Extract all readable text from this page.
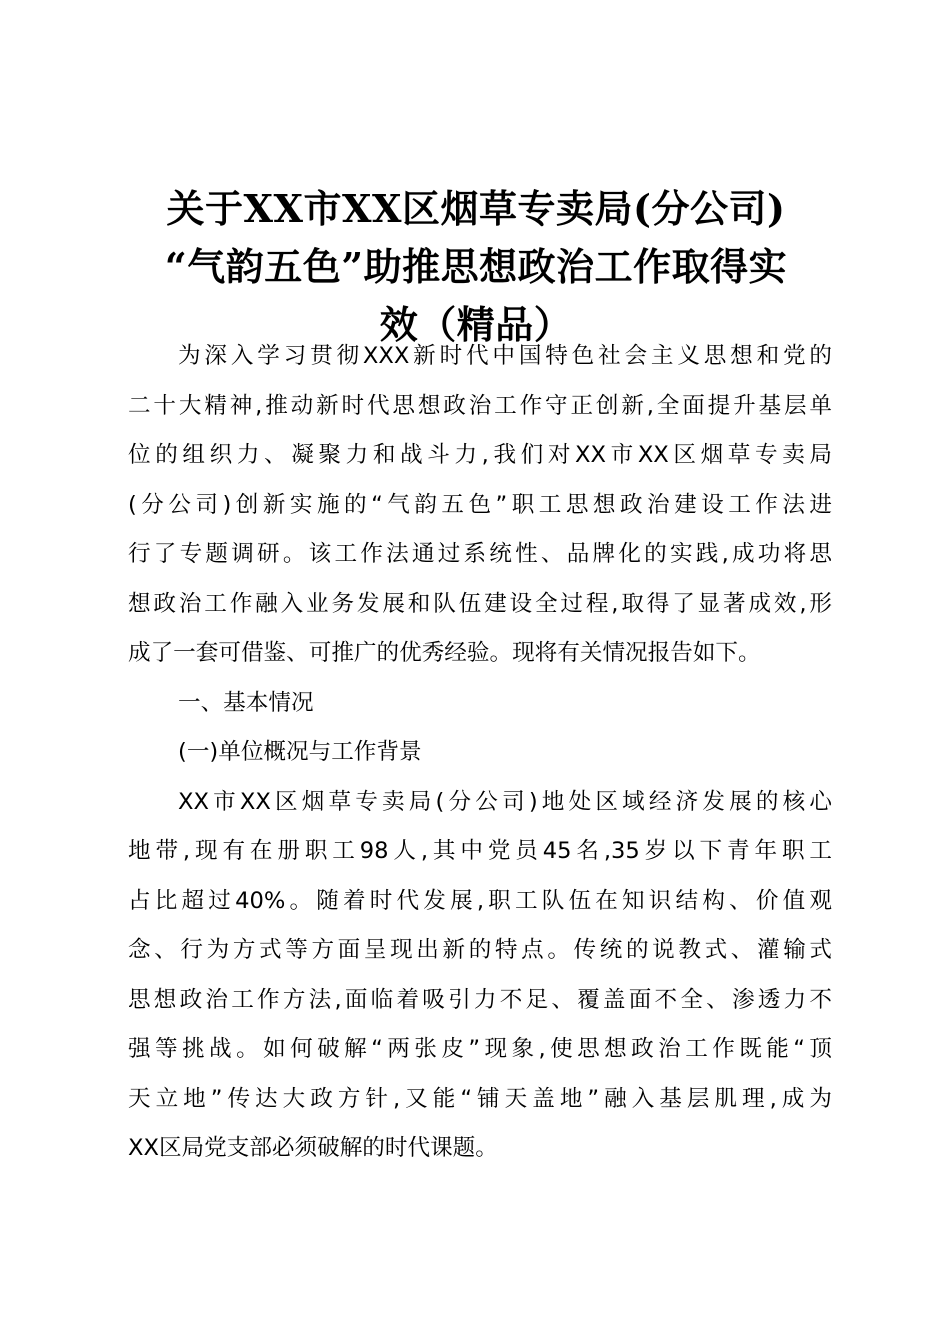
关于XX市XX区烟草专卖局(分公司)
“气韵五色”助推思想政治工作取得实
效（精品）
为深入学习贯彻XXX新时代中国特色社会主义思想和党的
二十大精神,推动新时代思想政治工作守正创新,全面提升基层单
位的组织力、凝聚力和战斗力,我们对XX市XX区烟草专卖局
(分公司)创新实施的“气韵五色”职工思想政治建设工作法进
行了专题调研。该工作法通过系统性、品牌化的实践,成功将思
想政治工作融入业务发展和队伍建设全过程,取得了显著成效,形
成了一套可借鉴、可推广的优秀经验。现将有关情况报告如下。
一、基本情况
(一)单位概况与工作背景
XX市XX区烟草专卖局(分公司)地处区域经济发展的核心
地带,现有在册职工98人,其中党员45名,35岁以下青年职工
占比超过40%。随着时代发展,职工队伍在知识结构、价值观
念、行为方式等方面呈现出新的特点。传统的说教式、灌输式
思想政治工作方法,面临着吸引力不足、覆盖面不全、渗透力不
强等挑战。如何破解“两张皮”现象,使思想政治工作既能“顶
天立地”传达大政方针,又能“铺天盖地”融入基层肌理,成为
XX区局党支部必须破解的时代课题。
